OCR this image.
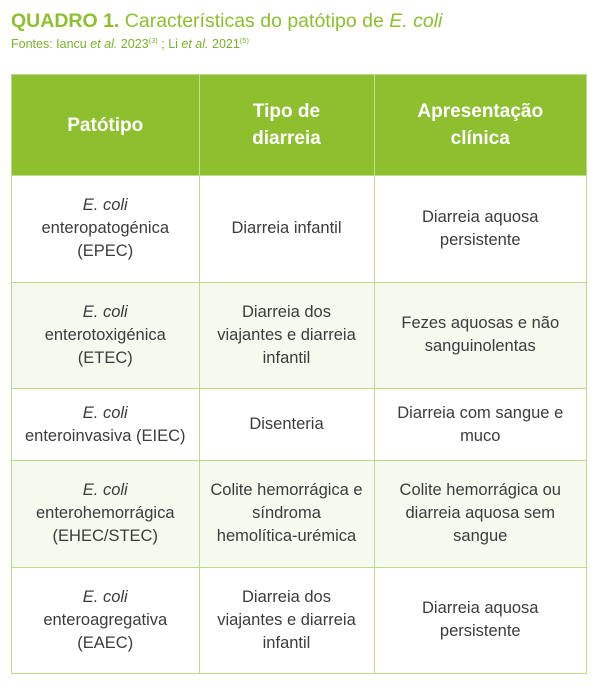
QUADRO 1. Características do patótipo de E. coli
Fontes: Iancu et al. 2023$^{(3)}$ ; Li et al. 2021$^{(5)}$
Patótipo	Tipo de diarreia	Apresentação clínica

E. coli
enteropatogénica (EPEC)	Diarreia infantil	Diarreia aquosa persistente

E. coli
enterotoxigénica (ETEC)	Diarreia dos viajantes e diarreia infantil	Fezes aquosas e não sanguinolentas

E. coli
enteroinvasiva (EIEC)	Disenteria	Diarreia com sangue e muco

E. coli
enterohemorrágica (EHEC/STEC)	Colite hemorrágica e síndroma hemolítica-urémica	Colite hemorrágica ou diarreia aquosa sem sangue

E. coli
enteroagregativa (EAEC)	Diarreia dos viajantes e diarreia infantil	Diarreia aquosa persistente
